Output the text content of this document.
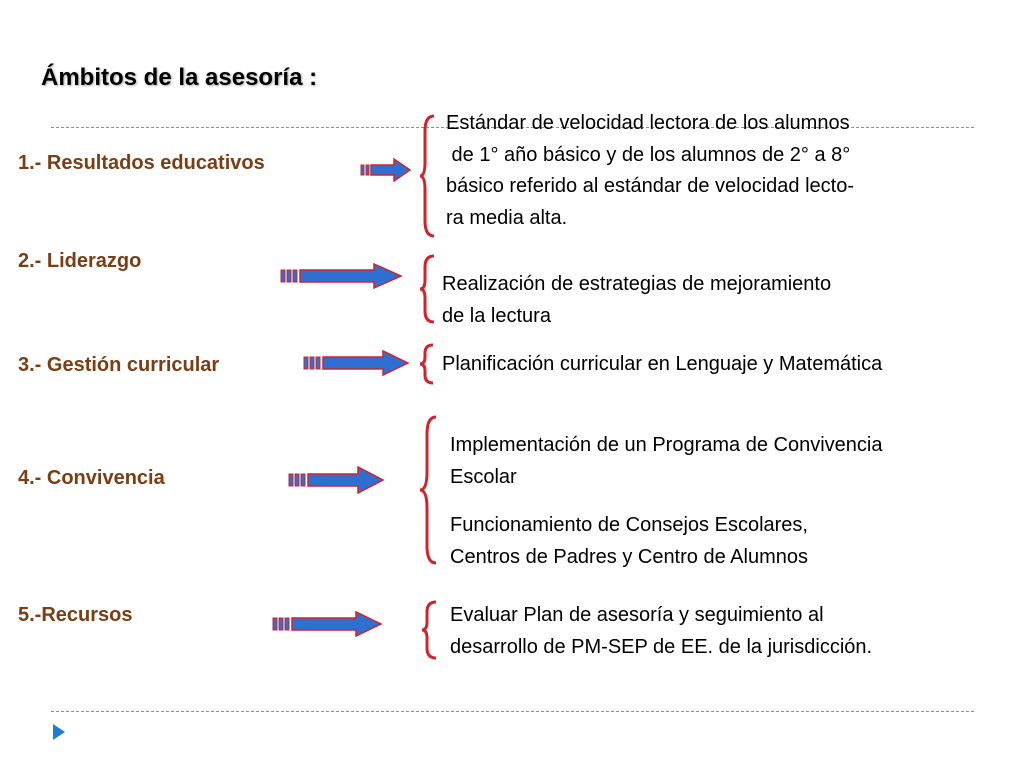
Ámbitos de la asesoría :

1.- Resultados educativos

Estándar de velocidad lectora de los alumnos
de 1° año básico y de los alumnos de 2° a 8°
básico referido al estándar de velocidad lecto-
ra media alta.

2.- Liderazgo

Realización de estrategias de mejoramiento
de la lectura

3.- Gestión curricular	Planificación curricular en Lenguaje y Matemática

4.- Convivencia

Implementación de un Programa de Convivencia
Escolar
Funcionamiento de Consejos Escolares,
Centros de Padres y Centro de Alumnos

5.-Recursos	Evaluar Plan de asesoría y seguimiento al
desarrollo de PM-SEP de EE. de la jurisdicción.
